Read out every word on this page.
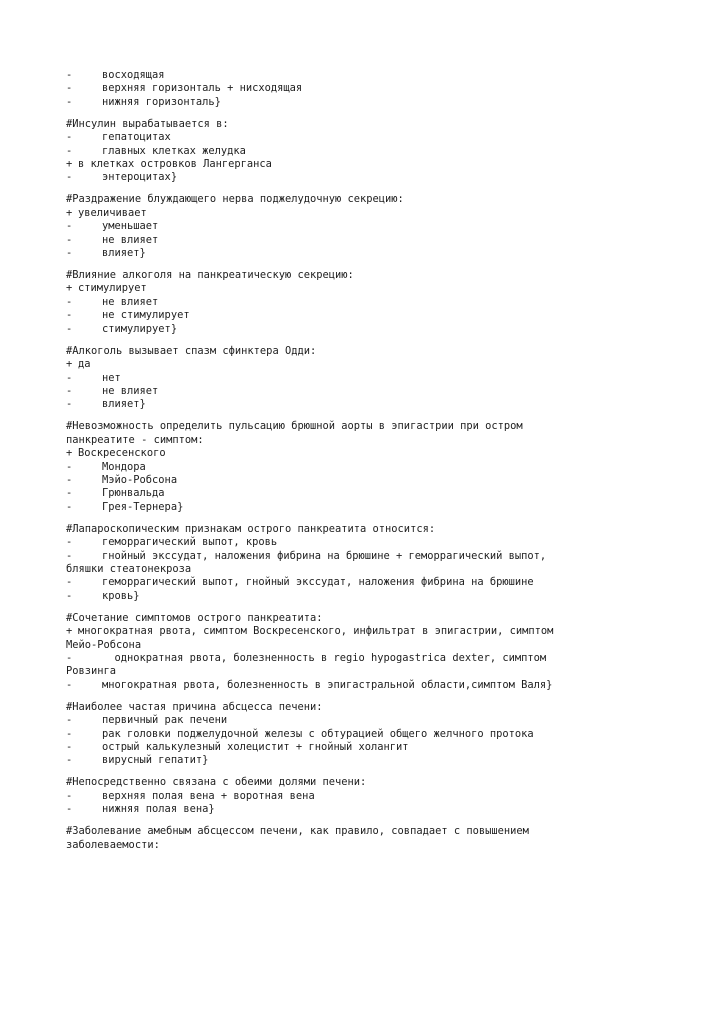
-	восходящая
-	верхняя горизонталь + нисходящая
-	нижняя горизонталь}
#Инсулин вырабатывается в:
-	гепатоцитах
-	главных клетках желудка
+ в клетках островков Лангерганса
-	энтероцитах}
#Раздражение блуждающего нерва поджелудочную секрецию:
+ увеличивает
-	уменьшает
-	не влияет
-	влияет}
#Влияние алкоголя на панкреатическую секрецию:
+ стимулирует
-	не влияет
-	не стимулирует
-	стимулирует}
#Алкоголь вызывает спазм сфинктера Одди:
+ да
-	нет
-	не влияет
-	влияет}
#Невозможность определить пульсацию брюшной аорты в эпигастрии при остром
панкреатите - симптом:
+ Воскресенского
-	Мондора
-	Мэйо-Робсона
-	Грюнвальда
-	Грея-Тернера}
#Лапароскопическим признакам острого панкреатита относится:
-	геморрагический выпот, кровь
-	гнойный экссудат, наложения фибрина на брюшине + геморрагический выпот,
бляшки стеатонекроза
-	геморрагический выпот, гнойный экссудат, наложения фибрина на брюшине
-	кровь}
#Сочетание симптомов острого панкреатита:
+ многократная рвота, симптом Воскресенского, инфильтрат в эпигастрии, симптом
Мейо-Робсона
-	однократная рвота, болезненность в regio hypogastrica dexter, симптом
Ровзинга
-	многократная рвота, болезненность в эпигастральной области,симптом Валя}
#Наиболее частая причина абсцесса печени:
-	первичный рак печени
-	рак головки поджелудочной железы с обтурацией общего желчного протока
-	острый калькулезный холецистит + гнойный холангит
-	вирусный гепатит}
#Непосредственно связана с обеими долями печени:
-	верхняя полая вена + воротная вена
-	нижняя полая вена}
#Заболевание амебным абсцессом печени, как правило, совпадает с повышением
заболеваемости:
